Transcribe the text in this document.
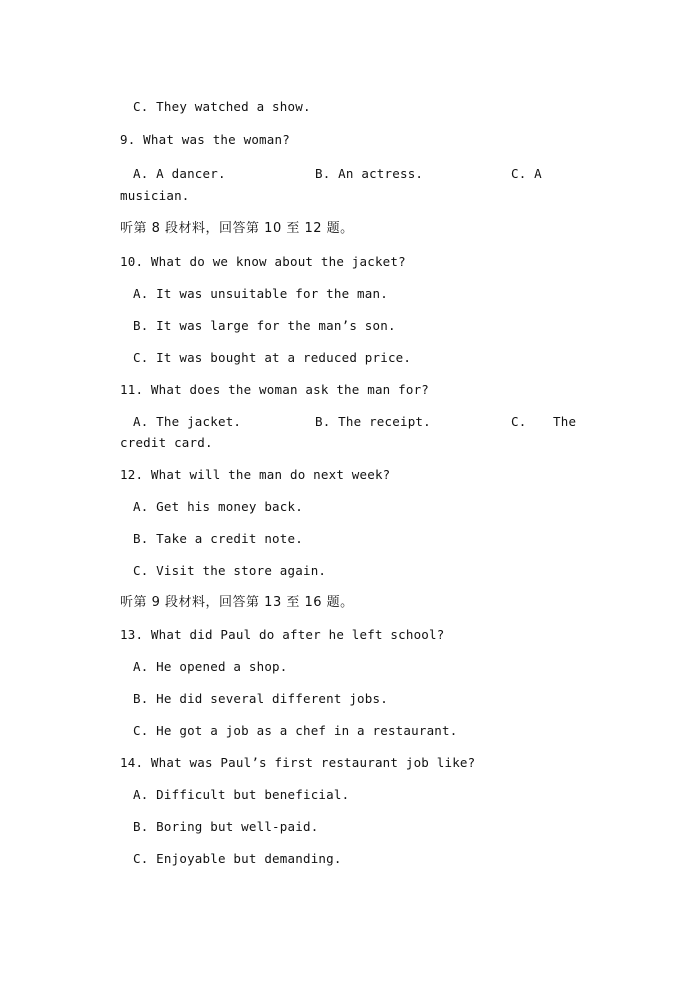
C. They watched a show.
9. What was the woman?
A. A dancer.	B. An actress.	C. A
musician.
听第 8 段材料，回答第 10 至 12 题。
10. What do we know about the jacket?
A. It was unsuitable for the man.
B. It was large for the man’s son.
C. It was bought at a reduced price.
11. What does the woman ask the man for?
A. The jacket.	B. The receipt.	C. The
credit card.
12. What will the man do next week?
A. Get his money back.
B. Take a credit note.
C. Visit the store again.
听第 9 段材料，回答第 13 至 16 题。
13. What did Paul do after he left school?
A. He opened a shop.
B. He did several different jobs.
C. He got a job as a chef in a restaurant.
14. What was Paul’s first restaurant job like?
A. Difficult but beneficial.
B. Boring but well-paid.
C. Enjoyable but demanding.
